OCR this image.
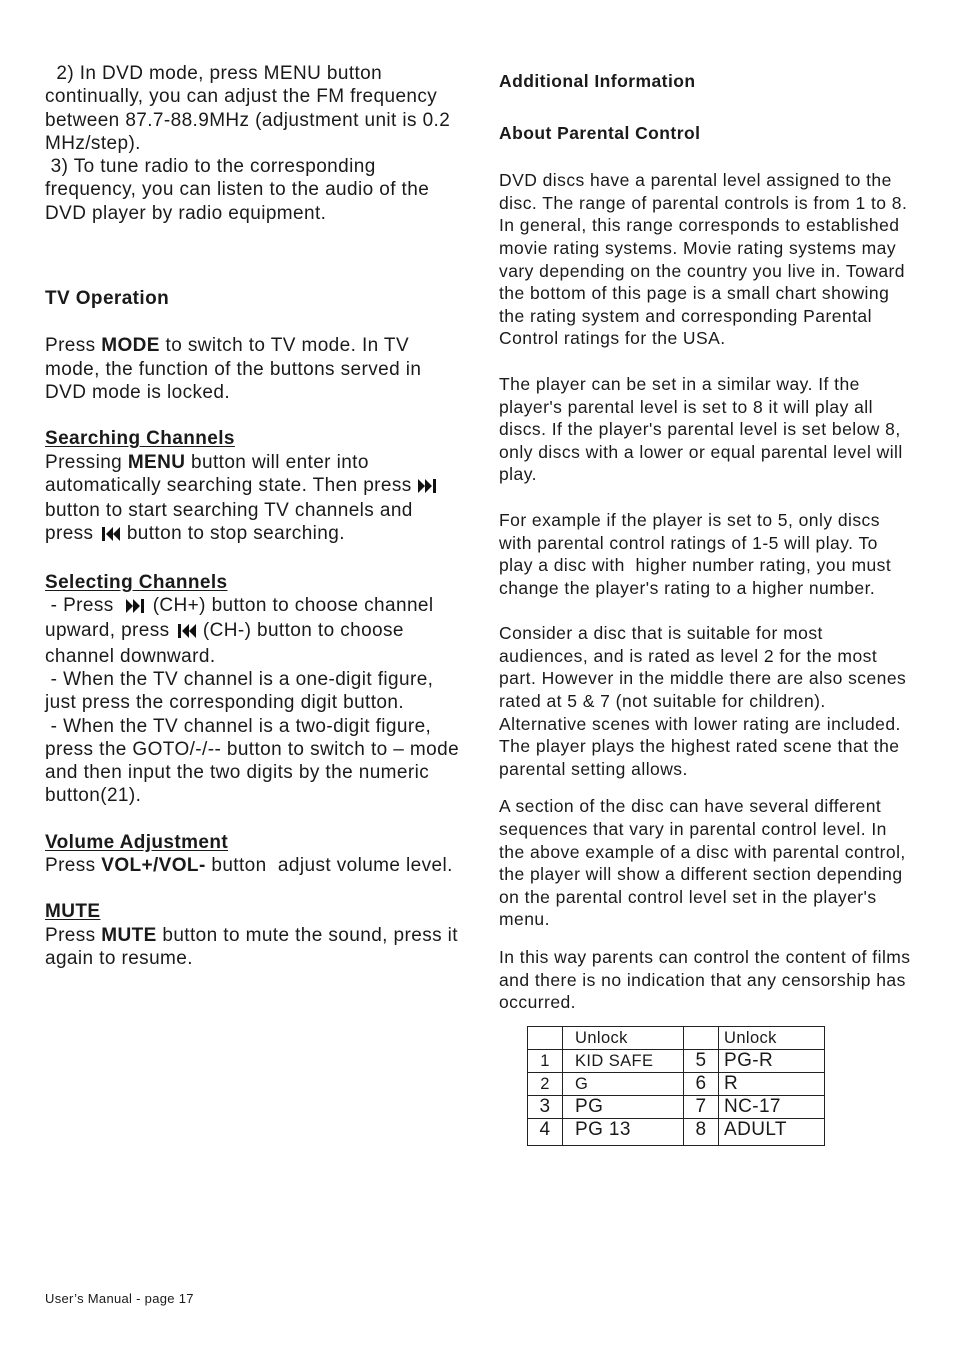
2) In DVD mode, press MENU button continually, you can adjust the FM frequency between 87.7-88.9MHz (adjustment unit is 0.2 MHz/step).

3) To tune radio to the corresponding frequency, you can listen to the audio of the DVD player by radio equipment.

TV Operation

Press MODE to switch to TV mode. In TV mode, the function of the buttons served in DVD mode is locked.

Searching Channels

Pressing MENU button will enter into automatically searching state. Then press  button to start searching TV channels and press  button to stop searching.

Selecting Channels

- Press   (CH+) button to choose channel upward, press  (CH-) button to choose channel downward.

- When the TV channel is a one-digit figure, just press the corresponding digit button.

- When the TV channel is a two-digit figure, press the GOTO/-/-- button to switch to – mode and then input the two digits by the numeric button(21).

Volume Adjustment

Press VOL+/VOL- button  adjust volume level.

MUTE

Press MUTE button to mute the sound, press it again to resume.

Additional Information
About Parental Control

DVD discs have a parental level assigned to the disc. The range of parental controls is from 1 to 8. In general, this range corresponds to established movie rating systems. Movie rating systems may vary depending on the country you live in. Toward the bottom of this page is a small chart showing the rating system and corresponding Parental Control ratings for the USA.

The player can be set in a similar way. If the player's parental level is set to 8 it will play all discs. If the player's parental level is set below 8, only discs with a lower or equal parental level will play.

For example if the player is set to 5, only discs with parental control ratings of 1-5 will play. To play a disc with  higher number rating, you must change the player's rating to a higher number.

Consider a disc that is suitable for most audiences, and is rated as level 2 for the most part. However in the middle there are also scenes rated at 5 & 7 (not suitable for children). Alternative scenes with lower rating are included. The player plays the highest rated scene that the parental setting allows.

A section of the disc can have several different sequences that vary in parental control level. In the above example of a disc with parental control, the player will show a different section depending on the parental control level set in the player's menu.

In this way parents can control the content of films and there is no indication that any censorship has occurred.

	Unlock		Unlock
1	KID SAFE	5	PG-R
2	G	6	R
3	PG	7	NC-17
4	PG 13	8	ADULT
User’s Manual - page 17
